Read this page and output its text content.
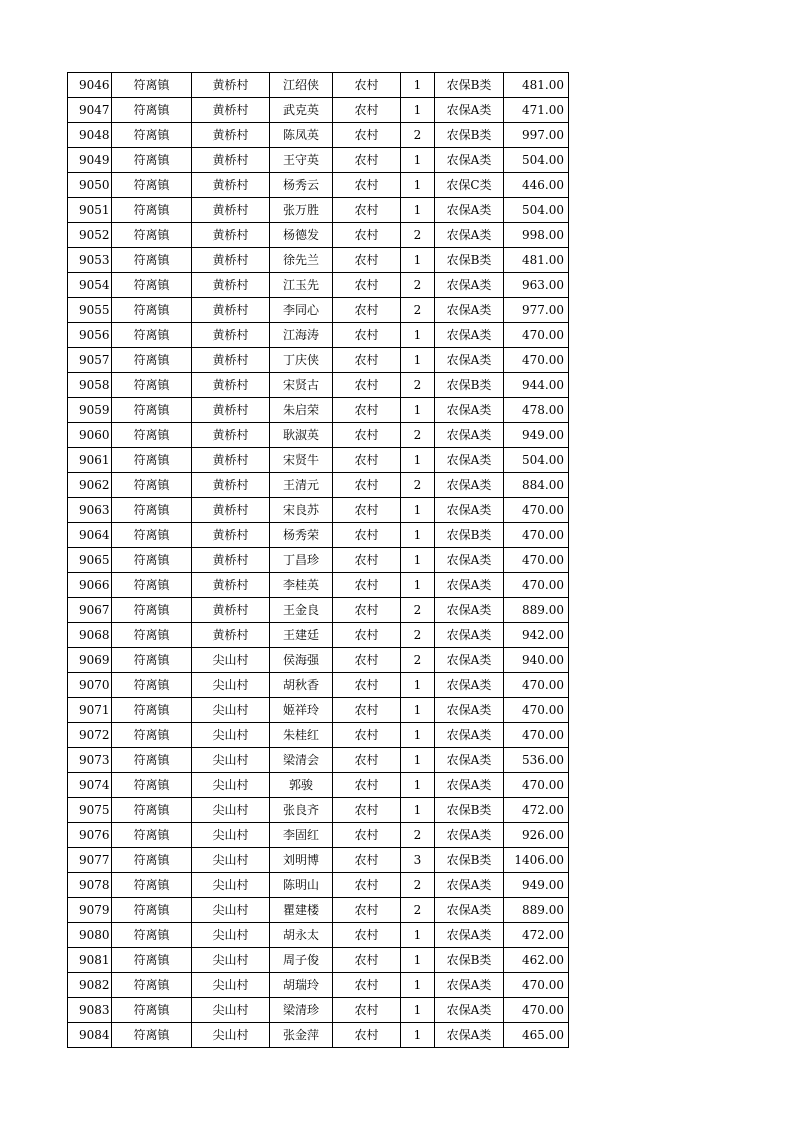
9046	符离镇	黄桥村	江绍侠	农村	1	农保B类	481.00
9047	符离镇	黄桥村	武克英	农村	1	农保A类	471.00
9048	符离镇	黄桥村	陈凤英	农村	2	农保B类	997.00
9049	符离镇	黄桥村	王守英	农村	1	农保A类	504.00
9050	符离镇	黄桥村	杨秀云	农村	1	农保C类	446.00
9051	符离镇	黄桥村	张万胜	农村	1	农保A类	504.00
9052	符离镇	黄桥村	杨德发	农村	2	农保A类	998.00
9053	符离镇	黄桥村	徐先兰	农村	1	农保B类	481.00
9054	符离镇	黄桥村	江玉先	农村	2	农保A类	963.00
9055	符离镇	黄桥村	李同心	农村	2	农保A类	977.00
9056	符离镇	黄桥村	江海涛	农村	1	农保A类	470.00
9057	符离镇	黄桥村	丁庆侠	农村	1	农保A类	470.00
9058	符离镇	黄桥村	宋贤古	农村	2	农保B类	944.00
9059	符离镇	黄桥村	朱启荣	农村	1	农保A类	478.00
9060	符离镇	黄桥村	耿淑英	农村	2	农保A类	949.00
9061	符离镇	黄桥村	宋贤牛	农村	1	农保A类	504.00
9062	符离镇	黄桥村	王清元	农村	2	农保A类	884.00
9063	符离镇	黄桥村	宋良苏	农村	1	农保A类	470.00
9064	符离镇	黄桥村	杨秀荣	农村	1	农保B类	470.00
9065	符离镇	黄桥村	丁昌珍	农村	1	农保A类	470.00
9066	符离镇	黄桥村	李桂英	农村	1	农保A类	470.00
9067	符离镇	黄桥村	王金良	农村	2	农保A类	889.00
9068	符离镇	黄桥村	王建廷	农村	2	农保A类	942.00
9069	符离镇	尖山村	侯海强	农村	2	农保A类	940.00
9070	符离镇	尖山村	胡秋香	农村	1	农保A类	470.00
9071	符离镇	尖山村	姬祥玲	农村	1	农保A类	470.00
9072	符离镇	尖山村	朱桂红	农村	1	农保A类	470.00
9073	符离镇	尖山村	梁清会	农村	1	农保A类	536.00
9074	符离镇	尖山村	郭骏	农村	1	农保A类	470.00
9075	符离镇	尖山村	张良齐	农村	1	农保B类	472.00
9076	符离镇	尖山村	李固红	农村	2	农保A类	926.00
9077	符离镇	尖山村	刘明博	农村	3	农保B类	1406.00
9078	符离镇	尖山村	陈明山	农村	2	农保A类	949.00
9079	符离镇	尖山村	瞿建楼	农村	2	农保A类	889.00
9080	符离镇	尖山村	胡永太	农村	1	农保A类	472.00
9081	符离镇	尖山村	周子俊	农村	1	农保B类	462.00
9082	符离镇	尖山村	胡瑞玲	农村	1	农保A类	470.00
9083	符离镇	尖山村	梁清珍	农村	1	农保A类	470.00
9084	符离镇	尖山村	张金萍	农村	1	农保A类	465.00
